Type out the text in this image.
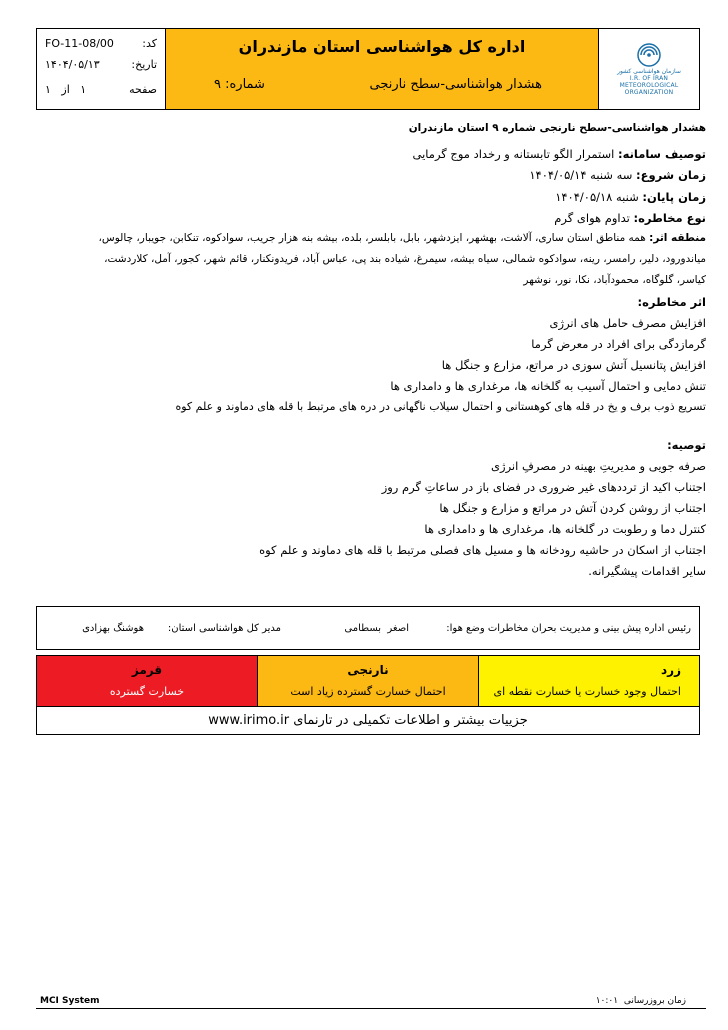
سازمان هواشناسی کشور
I.R. OF IRAN
METEOROLOGICAL
ORGANIZATION
اداره کل هواشناسی استان مازندران
هشدار هواشناسی-سطح نارنجی
شماره: ۹
کد:
FO-11-08/00
تاریخ:
۱۴۰۴/۰۵/۱۳
صفحه
۱   از   ۱
هشدار هواشناسی-سطح نارنجی شماره ۹ استان مازندران
توصیف سامانه: استمرار الگو تابستانه و رخداد موج گرمایی
زمان شروع: سه شنبه ۱۴۰۴/۰۵/۱۴
زمان پایان: شنبه ۱۴۰۴/۰۵/۱۸
نوع مخاطره: تداوم هوای گرم
منطقه اثر: همه مناطق استان ساری، آلاشت، بهشهر، ایزدشهر، بابل، بابلسر، بلده، بیشه بنه هزار جریب، سوادکوه، تنکابن، جویبار، چالوس،
میاندورود، دلیر، رامسر، رینه، سوادکوه شمالی، سیاه بیشه، سیمرغ، شیاده بند پی، عباس آباد، فریدونکنار، قائم شهر، کجور، آمل، کلاردشت،
کیاسر، گلوگاه، محمودآباد، نکا، نور، نوشهر
اثر مخاطره:
افزایش مصرف حامل های انرژی
گرمازدگی برای افراد در معرض گرما
افزایش پتانسیل آتش سوزی در مراتع، مزارع و جنگل ها
تنش دمایی و احتمال آسیب به گلخانه ها، مرغداری ها و دامداری ها
تسریع ذوب برف و یخ در قله های کوهستانی و احتمال سیلاب ناگهانی در دره های مرتبط با قله های دماوند و علم کوه
توصیه:
صرفه جویی و مدیریتِ بهینه در مصرفِ انرژی
اجتناب اکید از ترددهای غیر ضروری در فضای باز در ساعاتِ گرم روز
اجتناب از روشن کردن آتش در مراتع و مزارع و جنگل ها
کنترل دما و رطوبت در گلخانه ها، مرغداری ها و دامداری ها
اجتناب از اسکان در حاشیه رودخانه ها و مسیل های فصلی مرتبط با قله های دماوند و علم کوه
سایر اقدامات پیشگیرانه.
رئیس اداره پیش بینی و مدیریت بحران مخاطرات وضع هوا:
اصغر  بسطامی
مدیر کل هواشناسی استان:
هوشنگ بهزادی
زرد
احتمال وجود خسارت یا خسارت نقطه ای
نارنجی
احتمال خسارت گسترده زیاد است
قرمز
خسارت گسترده
جزییات بیشتر و اطلاعات تکمیلی در تارنمای www.irimo.ir
MCI System	زمان بروزرسانی  ۱۰:۰۱
